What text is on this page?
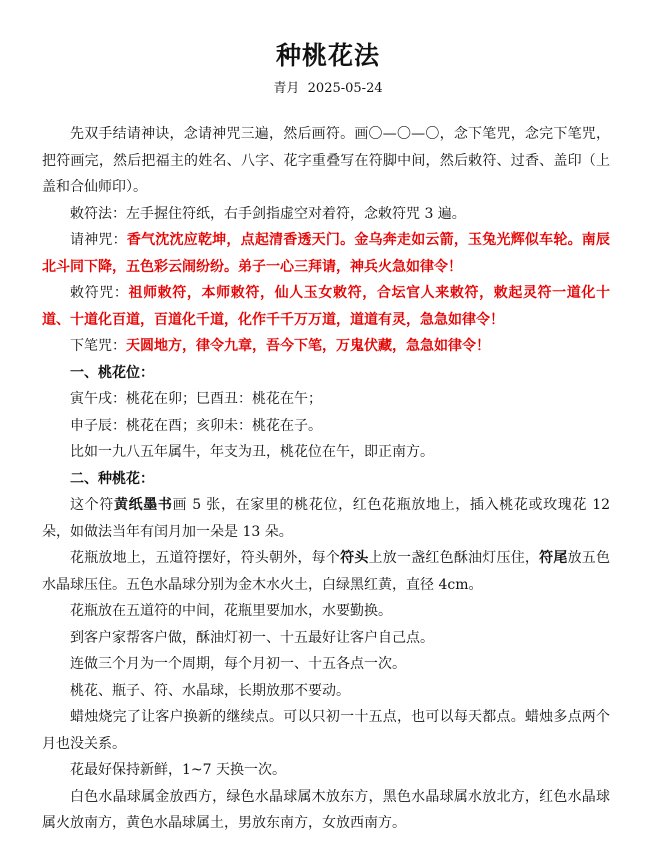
种桃花法
青月 2025-05-24

先双手结请神诀，念请神咒三遍，然后画符。画〇—〇—〇，念下笔咒，念完下笔咒，把符画完，然后把福主的姓名、八字、花字重叠写在符脚中间，然后敕符、过香、盖印（上盖和合仙师印）。

敕符法：左手握住符纸，右手剑指虚空对着符，念敕符咒 3 遍。

请神咒：香气沈沈应乾坤，点起清香透天门。金乌奔走如云箭，玉兔光辉似车轮。南辰北斗同下降，五色彩云闹纷纷。弟子一心三拜请，神兵火急如律令！

敕符咒：祖师敕符，本师敕符，仙人玉女敕符，合坛官人来敕符，敕起灵符一道化十道、十道化百道，百道化千道，化作千千万万道，道道有灵，急急如律令！

下笔咒：天圆地方，律令九章，吾今下笔，万鬼伏藏，急急如律令！

一、桃花位：

寅午戌：桃花在卯；巳酉丑：桃花在午；

申子辰：桃花在酉；亥卯未：桃花在子。

比如一九八五年属牛，年支为丑，桃花位在午，即正南方。

二、种桃花：

这个符黄纸墨书画 5 张，在家里的桃花位，红色花瓶放地上，插入桃花或玫瑰花 12 朵，如做法当年有闰月加一朵是 13 朵。

花瓶放地上，五道符摆好，符头朝外，每个符头上放一盏红色酥油灯压住，符尾放五色水晶球压住。五色水晶球分别为金木水火土，白绿黑红黄，直径 4cm。

花瓶放在五道符的中间，花瓶里要加水，水要勤换。

到客户家帮客户做，酥油灯初一、十五最好让客户自己点。

连做三个月为一个周期，每个月初一、十五各点一次。

桃花、瓶子、符、水晶球，长期放那不要动。

蜡烛烧完了让客户换新的继续点。可以只初一十五点，也可以每天都点。蜡烛多点两个月也没关系。

花最好保持新鲜，1~7 天换一次。

白色水晶球属金放西方，绿色水晶球属木放东方，黑色水晶球属水放北方，红色水晶球属火放南方，黄色水晶球属土，男放东南方，女放西南方。
